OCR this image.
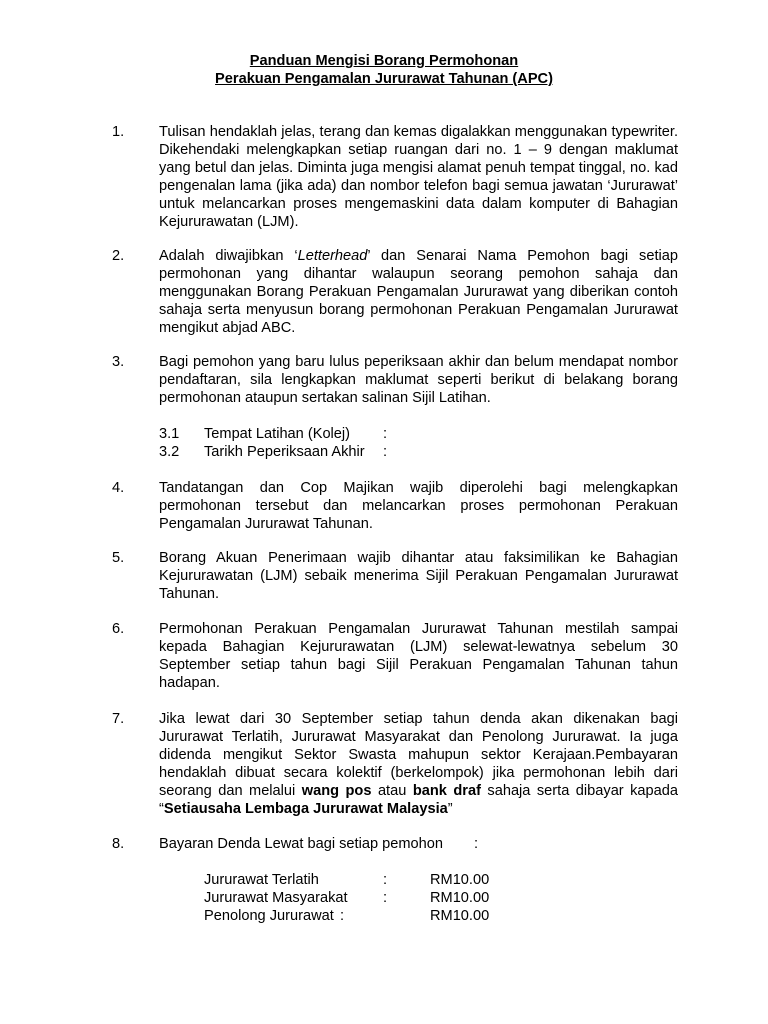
Panduan Mengisi Borang Permohonan
Perakuan Pengamalan Jururawat Tahunan (APC)
1. Tulisan hendaklah jelas, terang dan kemas digalakkan menggunakan typewriter. Dikehendaki melengkapkan setiap ruangan dari no. 1 – 9 dengan maklumat yang betul dan jelas. Diminta juga mengisi alamat penuh tempat tinggal, no. kad pengenalan lama (jika ada) dan nombor telefon bagi semua jawatan ‘Jururawat’ untuk melancarkan proses mengemaskini data dalam komputer di Bahagian Kejururawatan (LJM).
2. Adalah diwajibkan ‘Letterhead’ dan Senarai Nama Pemohon bagi setiap permohonan yang dihantar walaupun seorang pemohon sahaja dan menggunakan Borang Perakuan Pengamalan Jururawat yang diberikan contoh sahaja serta menyusun borang permohonan Perakuan Pengamalan Jururawat mengikut abjad ABC.
3. Bagi pemohon yang baru lulus peperiksaan akhir dan belum mendapat nombor pendaftaran, sila lengkapkan maklumat seperti berikut di belakang borang permohonan ataupun sertakan salinan Sijil Latihan.
3.1 Tempat Latihan (Kolej) :
3.2 Tarikh Peperiksaan Akhir :
4. Tandatangan dan Cop Majikan wajib diperolehi bagi melengkapkan permohonan tersebut dan melancarkan proses permohonan Perakuan Pengamalan Jururawat Tahunan.
5. Borang Akuan Penerimaan wajib dihantar atau faksimilikan ke Bahagian Kejururawatan (LJM) sebaik menerima Sijil Perakuan Pengamalan Jururawat Tahunan.
6. Permohonan Perakuan Pengamalan Jururawat Tahunan mestilah sampai kepada Bahagian Kejururawatan (LJM) selewat-lewatnya sebelum 30 September setiap tahun bagi Sijil Perakuan Pengamalan Tahunan tahun hadapan.
7. Jika lewat dari 30 September setiap tahun denda akan dikenakan bagi Jururawat Terlatih, Jururawat Masyarakat dan Penolong Jururawat. Ia juga didenda mengikut Sektor Swasta mahupun sektor Kerajaan.Pembayaran hendaklah dibuat secara kolektif (berkelompok) jika permohonan lebih dari seorang dan melalui wang pos atau bank draf sahaja serta dibayar kapada “Setiausaha Lembaga Jururawat Malaysia”
8. Bayaran Denda Lewat bagi setiap pemohon :
Jururawat Terlatih	:	RM10.00
Jururawat Masyarakat :	RM10.00
Penolong Jururawat :	RM10.00
